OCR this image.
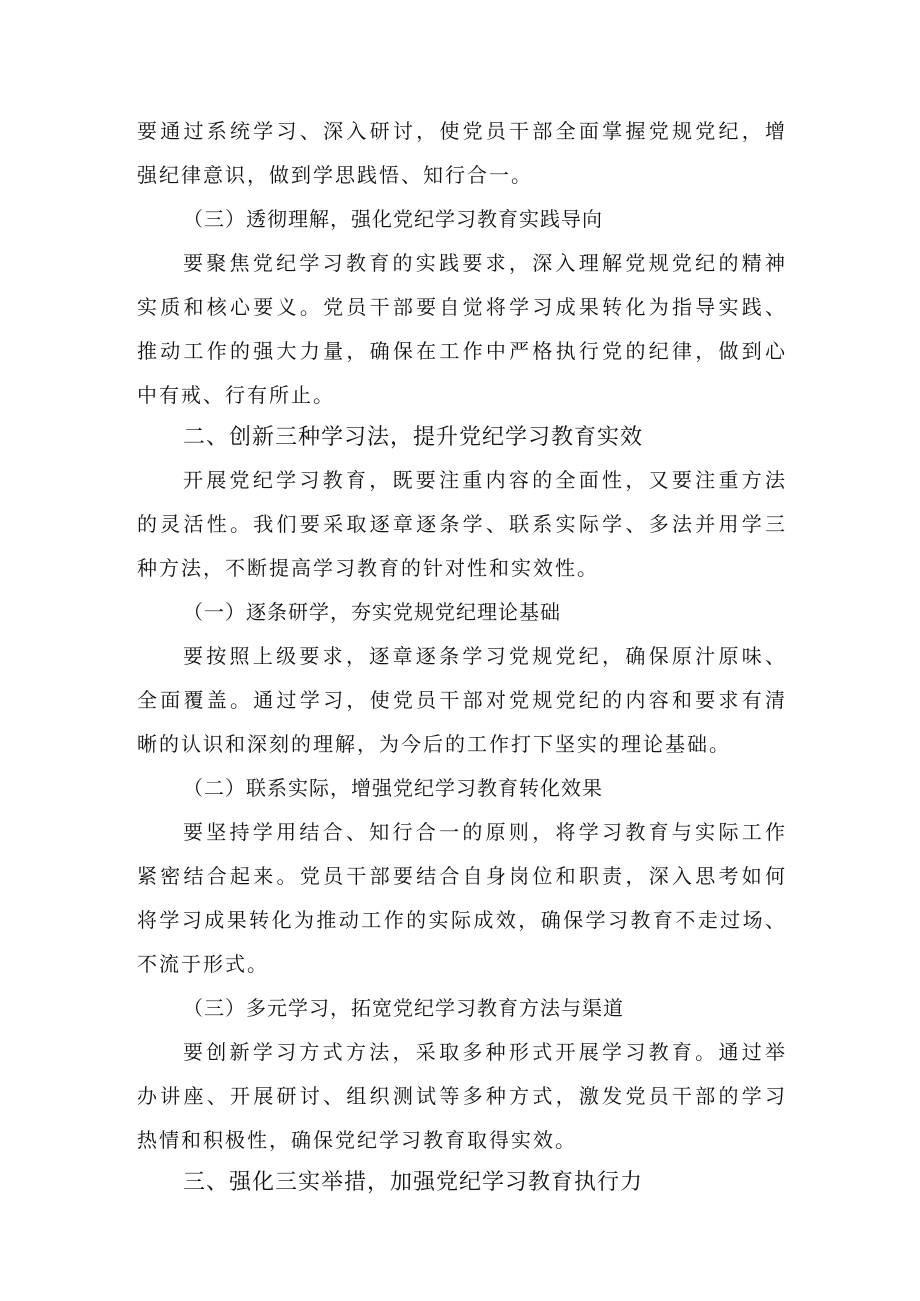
要通过系统学习、深入研讨，使党员干部全面掌握党规党纪，增

强纪律意识，做到学思践悟、知行合一。

（三）透彻理解，强化党纪学习教育实践导向

要聚焦党纪学习教育的实践要求，深入理解党规党纪的精神

实质和核心要义。党员干部要自觉将学习成果转化为指导实践、

推动工作的强大力量，确保在工作中严格执行党的纪律，做到心

中有戒、行有所止。

二、创新三种学习法，提升党纪学习教育实效

开展党纪学习教育，既要注重内容的全面性，又要注重方法

的灵活性。我们要采取逐章逐条学、联系实际学、多法并用学三

种方法，不断提高学习教育的针对性和实效性。

（一）逐条研学，夯实党规党纪理论基础

要按照上级要求，逐章逐条学习党规党纪，确保原汁原味、

全面覆盖。通过学习，使党员干部对党规党纪的内容和要求有清

晰的认识和深刻的理解，为今后的工作打下坚实的理论基础。

（二）联系实际，增强党纪学习教育转化效果

要坚持学用结合、知行合一的原则，将学习教育与实际工作

紧密结合起来。党员干部要结合自身岗位和职责，深入思考如何

将学习成果转化为推动工作的实际成效，确保学习教育不走过场、

不流于形式。

（三）多元学习，拓宽党纪学习教育方法与渠道

要创新学习方式方法，采取多种形式开展学习教育。通过举

办讲座、开展研讨、组织测试等多种方式，激发党员干部的学习

热情和积极性，确保党纪学习教育取得实效。

三、强化三实举措，加强党纪学习教育执行力
